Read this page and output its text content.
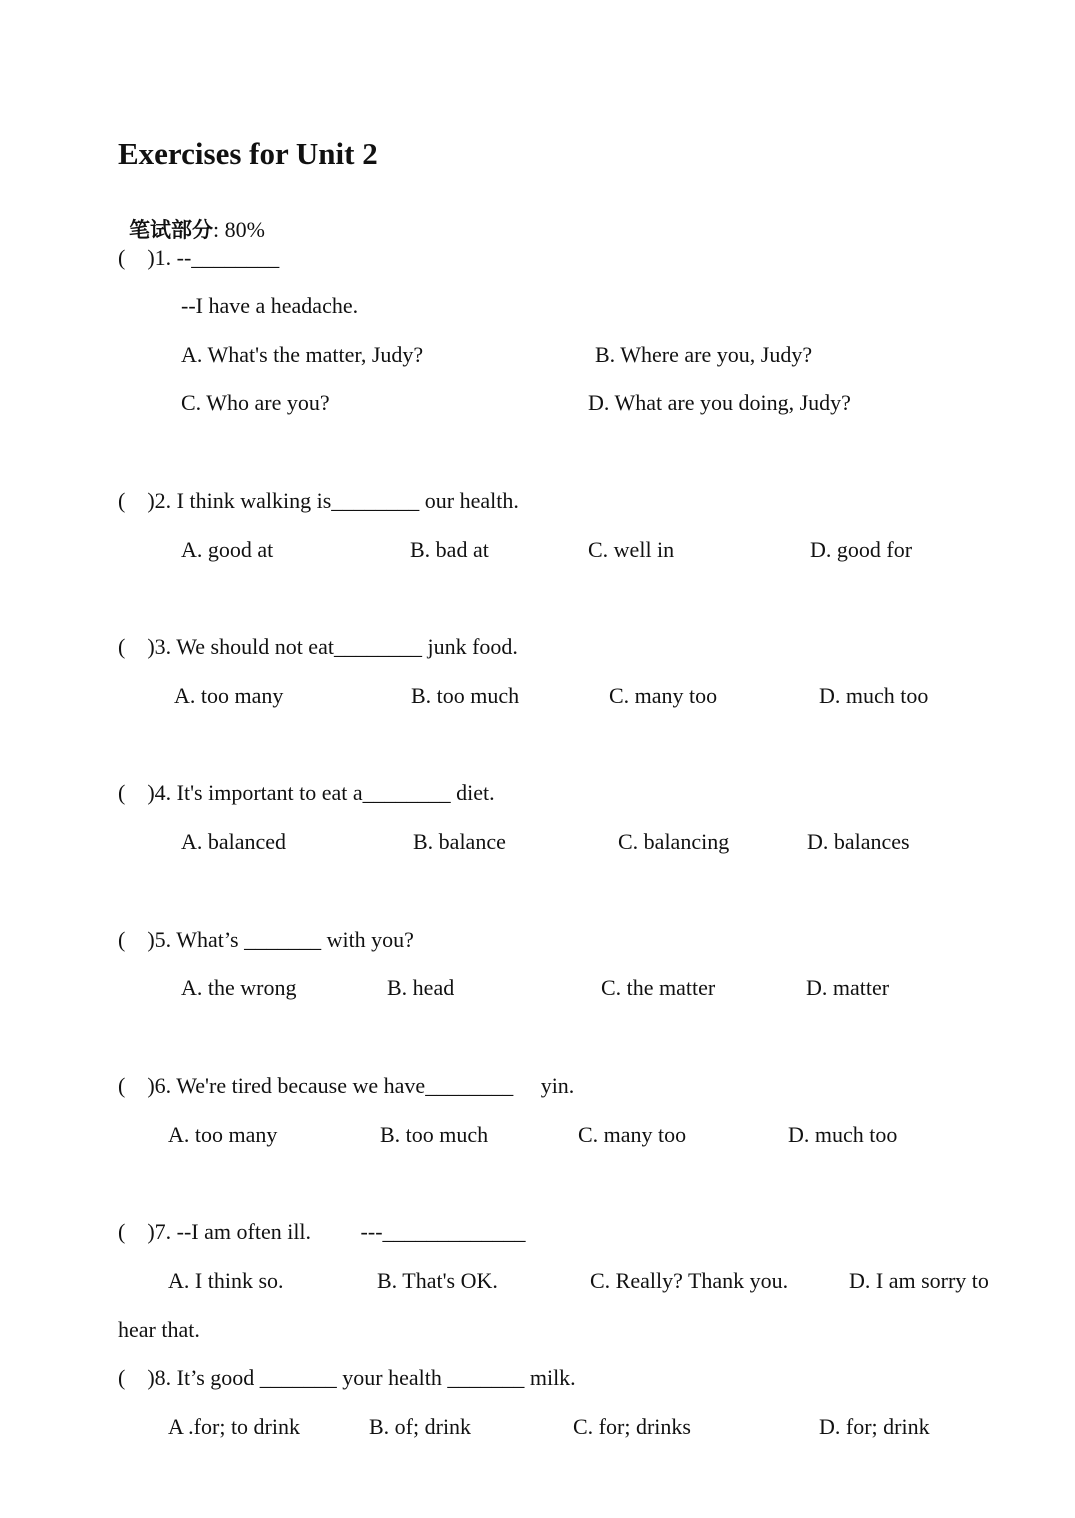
Exercises for Unit 2

笔试部分: 80%

(    )1. --________
--I have a headache.
A. What's the matter, Judy?	B. Where are you, Judy?
C. Who are you?	D. What are you doing, Judy?
(    )2. I think walking is________ our health.
A. good at	B. bad at	C. well in	D. good for
(    )3. We should not eat________ junk food.
A. too many	B. too much	C. many too	D. much too
(    )4. It's important to eat a________ diet.
A. balanced	B. balance	C. balancing	D. balances
(    )5. What’s _______ with you?
A. the wrong	B. head	C. the matter	D. matter
(    )6. We're tired because we have________     yin.
A. too many	B. too much	C. many too	D. much too
(    )7. --I am often ill.         ---_____________
A. I think so.	B. That's OK.	C. Really? Thank you.	D. I am sorry to
hear that.
(    )8. It’s good _______ your health _______ milk.
A .for; to drink	B. of; drink	C. for; drinks	D. for; drink
